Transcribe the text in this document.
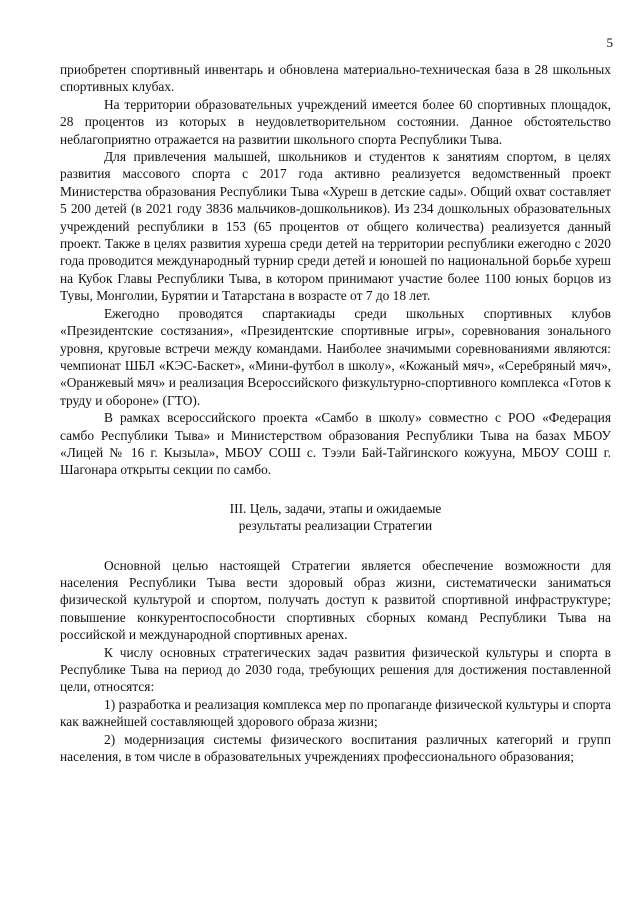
5

приобретен спортивный инвентарь и обновлена материально-техническая база в 28 школьных спортивных клубах.

На территории образовательных учреждений имеется более 60 спортивных площадок, 28 процентов из которых в неудовлетворительном состоянии. Данное обстоятельство неблагоприятно отражается на развитии школьного спорта Республики Тыва.

Для привлечения малышей, школьников и студентов к занятиям спортом, в целях развития массового спорта с 2017 года активно реализуется ведомственный проект Министерства образования Республики Тыва «Хуреш в детские сады». Общий охват составляет 5 200 детей (в 2021 году 3836 мальчиков-дошкольников). Из 234 дошкольных образовательных учреждений республики в 153 (65 процентов от общего количества) реализуется данный проект. Также в целях развития хуреша среди детей на территории республики ежегодно с 2020 года проводится международный турнир среди детей и юношей по национальной борьбе хуреш на Кубок Главы Республики Тыва, в котором принимают участие более 1100 юных борцов из Тувы, Монголии, Бурятии и Татарстана в возрасте от 7 до 18 лет.

Ежегодно проводятся спартакиады среди школьных спортивных клубов «Президентские состязания», «Президентские спортивные игры», соревнования зонального уровня, круговые встречи между командами. Наиболее значимыми соревнованиями являются: чемпионат ШБЛ «КЭС-Баскет», «Мини-футбол в школу», «Кожаный мяч», «Серебряный мяч», «Оранжевый мяч» и реализация Всероссийского физкультурно-спортивного комплекса «Готов к труду и обороне» (ГТО).

В рамках всероссийского проекта «Самбо в школу» совместно с РОО «Федерация самбо Республики Тыва» и Министерством образования Республики Тыва на базах МБОУ «Лицей № 16 г. Кызыла», МБОУ СОШ с. Тээли Бай-Тайгинского кожууна, МБОУ СОШ г. Шагонара открыты секции по самбо.

III. Цель, задачи, этапы и ожидаемые
результаты реализации Стратегии

Основной целью настоящей Стратегии является обеспечение возможности для населения Республики Тыва вести здоровый образ жизни, систематически заниматься физической культурой и спортом, получать доступ к развитой спортивной инфраструктуре; повышение конкурентоспособности спортивных сборных команд Республики Тыва на российской и международной спортивных аренах.

К числу основных стратегических задач развития физической культуры и спорта в Республике Тыва на период до 2030 года, требующих решения для достижения поставленной цели, относятся:

1) разработка и реализация комплекса мер по пропаганде физической культуры и спорта как важнейшей составляющей здорового образа жизни;

2) модернизация системы физического воспитания различных категорий и групп населения, в том числе в образовательных учреждениях профессионального образования;
